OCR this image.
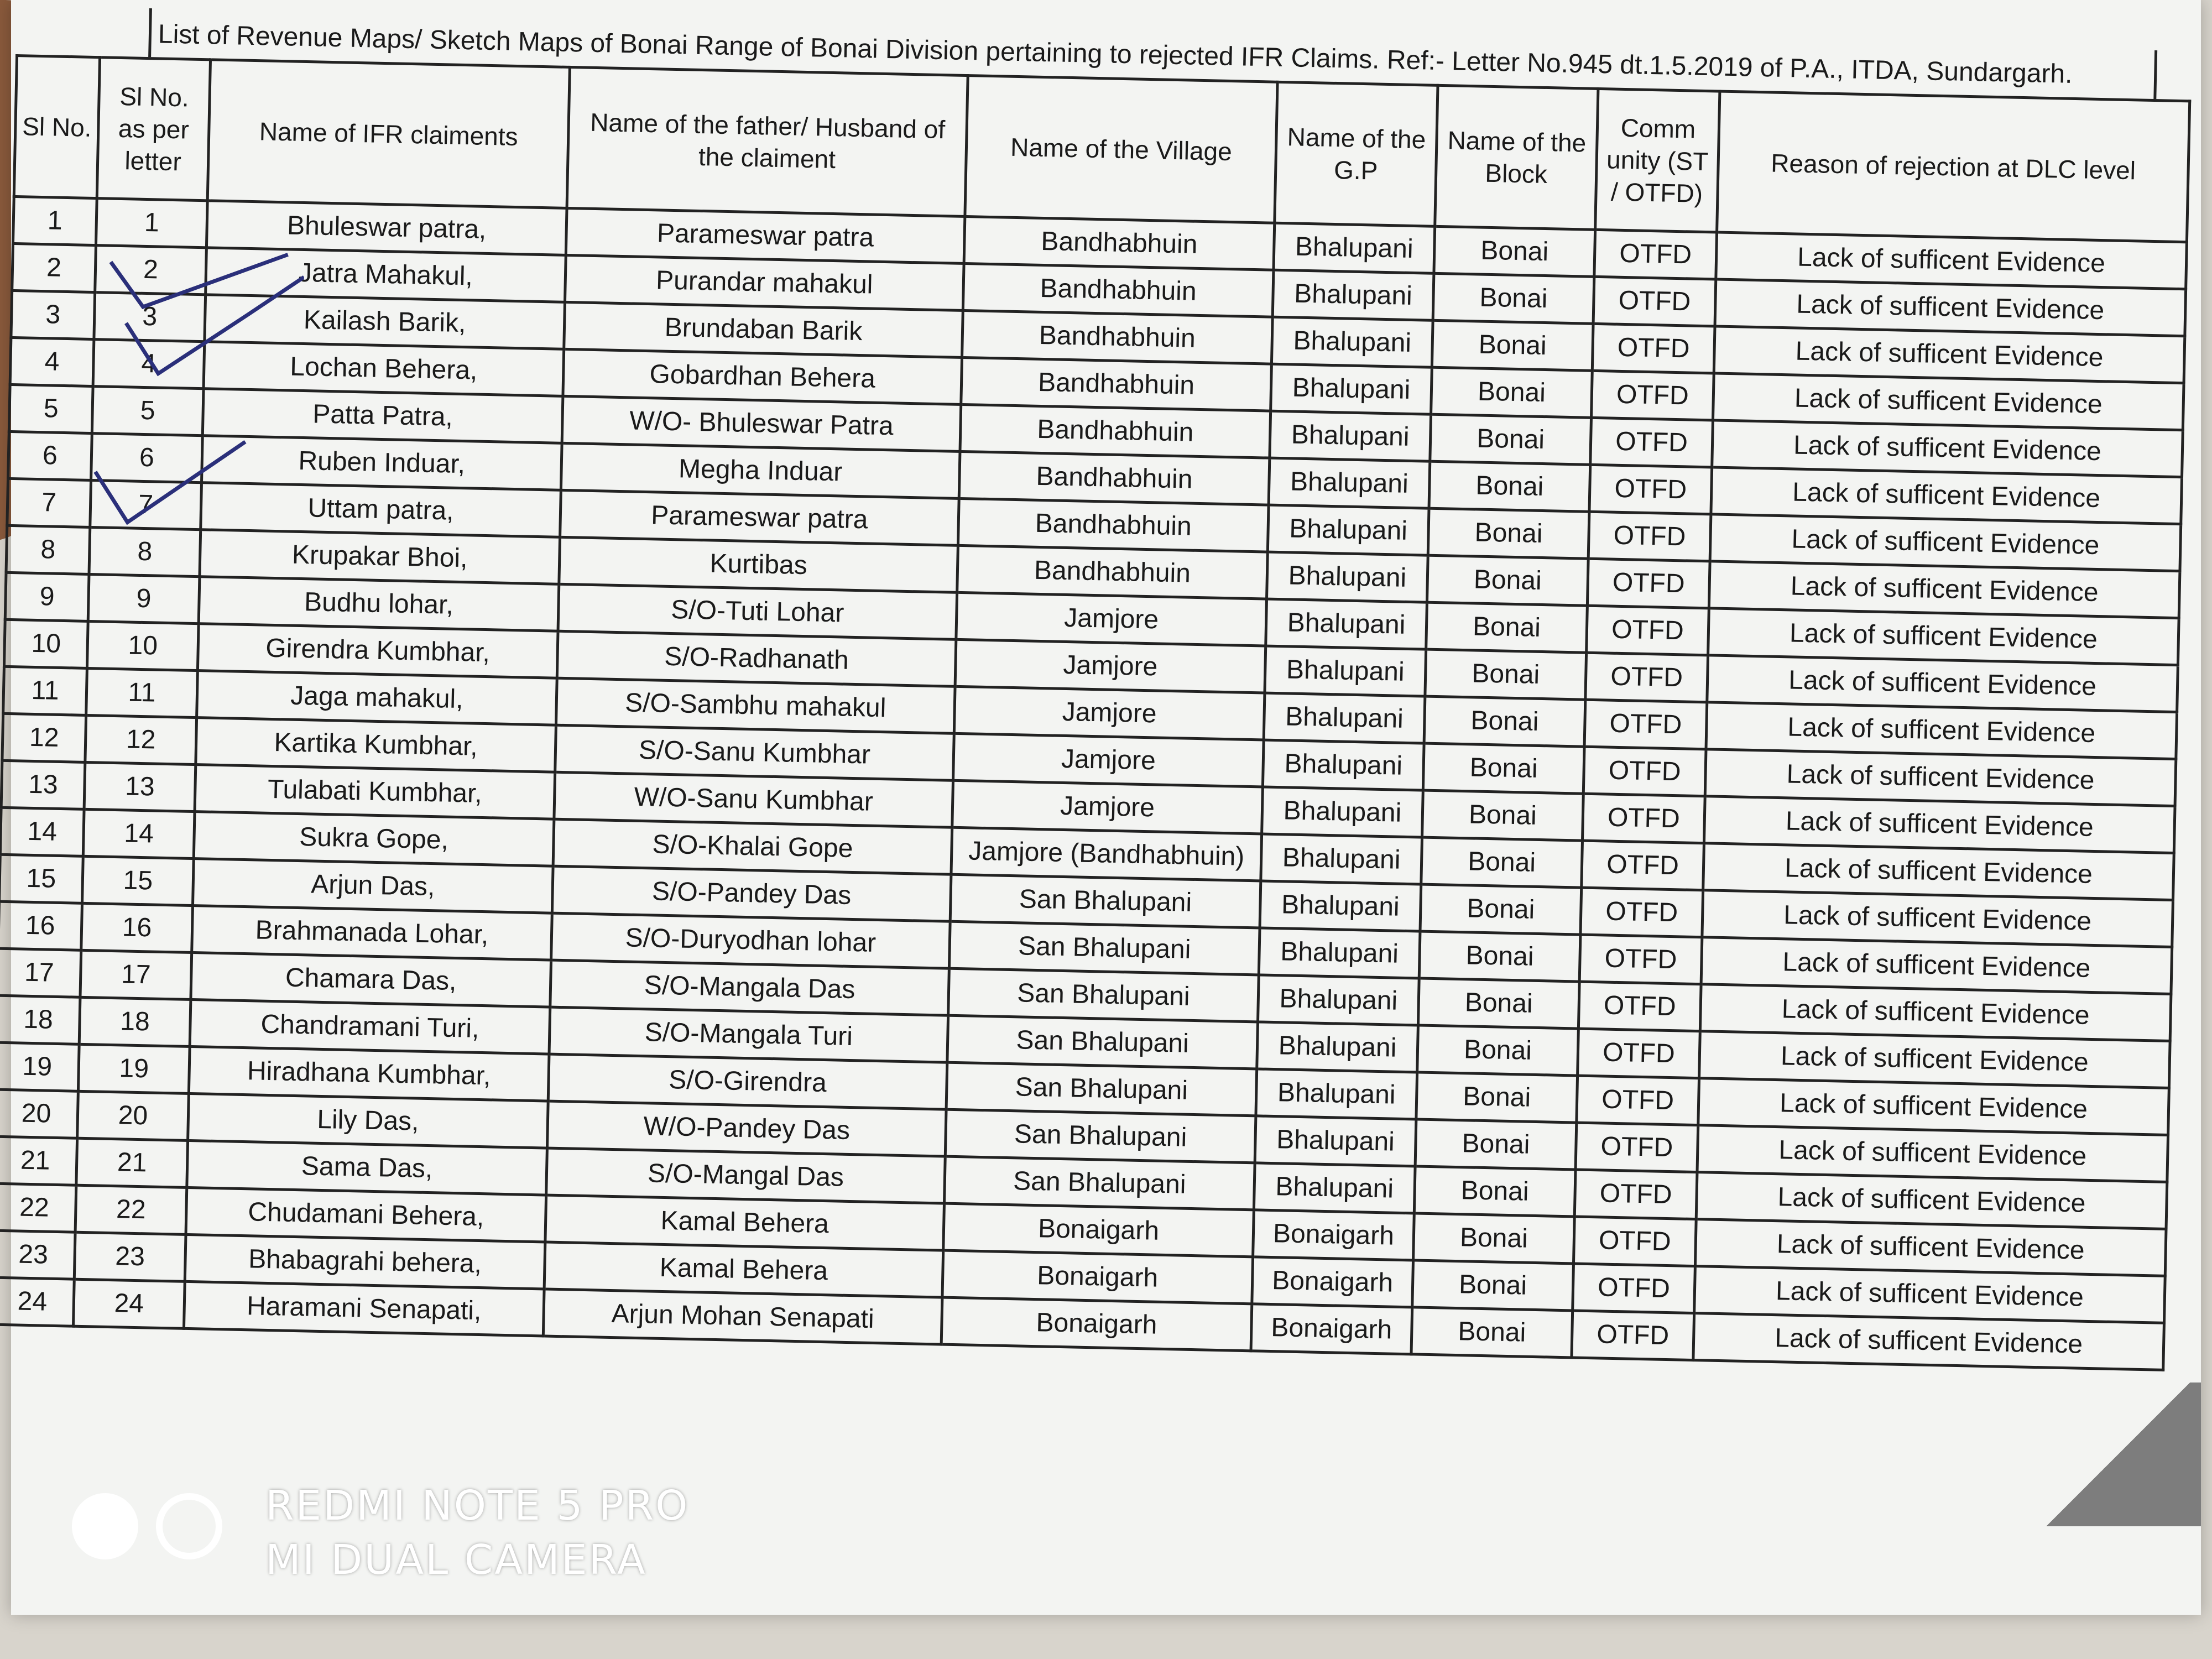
List of Revenue Maps/ Sketch Maps of Bonai Range of Bonai Division pertaining to rejected IFR Claims. Ref:- Letter No.945 dt.1.5.2019 of P.A., ITDA, Sundargarh.
Sl No.	Sl No. as per letter	Name of IFR claiments	Name of the father/ Husband of the claiment	Name of the Village	Name of the G.P	Name of the Block	Comm unity (ST / OTFD)	Reason of rejection at DLC level
1	1	Bhuleswar patra,	Parameswar patra	Bandhabhuin	Bhalupani	Bonai	OTFD	Lack of sufficent Evidence
2	2	Jatra Mahakul,	Purandar mahakul	Bandhabhuin	Bhalupani	Bonai	OTFD	Lack of sufficent Evidence
3	3	Kailash Barik,	Brundaban Barik	Bandhabhuin	Bhalupani	Bonai	OTFD	Lack of sufficent Evidence
4	4	Lochan Behera,	Gobardhan Behera	Bandhabhuin	Bhalupani	Bonai	OTFD	Lack of sufficent Evidence
5	5	Patta Patra,	W/O- Bhuleswar Patra	Bandhabhuin	Bhalupani	Bonai	OTFD	Lack of sufficent Evidence
6	6	Ruben Induar,	Megha Induar	Bandhabhuin	Bhalupani	Bonai	OTFD	Lack of sufficent Evidence
7	7	Uttam patra,	Parameswar patra	Bandhabhuin	Bhalupani	Bonai	OTFD	Lack of sufficent Evidence
8	8	Krupakar Bhoi,	Kurtibas	Bandhabhuin	Bhalupani	Bonai	OTFD	Lack of sufficent Evidence
9	9	Budhu lohar,	S/O-Tuti Lohar	Jamjore	Bhalupani	Bonai	OTFD	Lack of sufficent Evidence
10	10	Girendra Kumbhar,	S/O-Radhanath	Jamjore	Bhalupani	Bonai	OTFD	Lack of sufficent Evidence
11	11	Jaga mahakul,	S/O-Sambhu mahakul	Jamjore	Bhalupani	Bonai	OTFD	Lack of sufficent Evidence
12	12	Kartika Kumbhar,	S/O-Sanu Kumbhar	Jamjore	Bhalupani	Bonai	OTFD	Lack of sufficent Evidence
13	13	Tulabati Kumbhar,	W/O-Sanu Kumbhar	Jamjore	Bhalupani	Bonai	OTFD	Lack of sufficent Evidence
14	14	Sukra Gope,	S/O-Khalai Gope	Jamjore (Bandhabhuin)	Bhalupani	Bonai	OTFD	Lack of sufficent Evidence
15	15	Arjun Das,	S/O-Pandey Das	San Bhalupani	Bhalupani	Bonai	OTFD	Lack of sufficent Evidence
16	16	Brahmanada Lohar,	S/O-Duryodhan lohar	San Bhalupani	Bhalupani	Bonai	OTFD	Lack of sufficent Evidence
17	17	Chamara Das,	S/O-Mangala Das	San Bhalupani	Bhalupani	Bonai	OTFD	Lack of sufficent Evidence
18	18	Chandramani Turi,	S/O-Mangala Turi	San Bhalupani	Bhalupani	Bonai	OTFD	Lack of sufficent Evidence
19	19	Hiradhana Kumbhar,	S/O-Girendra	San Bhalupani	Bhalupani	Bonai	OTFD	Lack of sufficent Evidence
20	20	Lily Das,	W/O-Pandey Das	San Bhalupani	Bhalupani	Bonai	OTFD	Lack of sufficent Evidence
21	21	Sama Das,	S/O-Mangal Das	San Bhalupani	Bhalupani	Bonai	OTFD	Lack of sufficent Evidence
22	22	Chudamani Behera,	Kamal Behera	Bonaigarh	Bonaigarh	Bonai	OTFD	Lack of sufficent Evidence
23	23	Bhabagrahi behera,	Kamal Behera	Bonaigarh	Bonaigarh	Bonai	OTFD	Lack of sufficent Evidence
24	24	Haramani Senapati,	Arjun Mohan Senapati	Bonaigarh	Bonaigarh	Bonai	OTFD	Lack of sufficent Evidence
REDMI NOTE 5 PRO
MI DUAL CAMERA
